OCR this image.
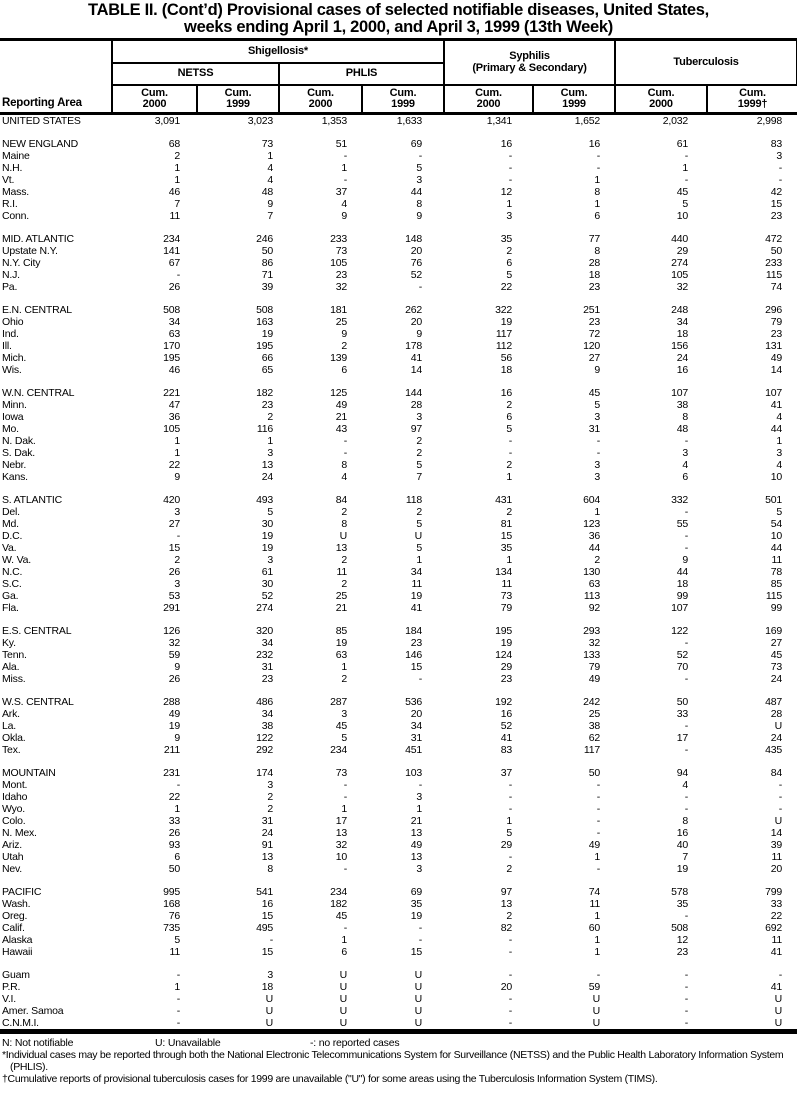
TABLE II. (Cont’d) Provisional cases of selected notifiable diseases, United States,
weeks ending April 1, 2000, and April 3, 1999 (13th Week)
Reporting Area	Shigellosis*				Syphilis
(Primary & Secondary)		Tuberculosis	
	NETSS		PHLIS					
	Cum.
2000	Cum.
1999	Cum.
2000	Cum.
1999	Cum.
2000	Cum.
1999	Cum.
2000	Cum.
1999†
UNITED STATES	3,091	3,023	1,353	1,633	1,341	1,652	2,032	2,998

NEW ENGLAND	68	73	51	69	16	16	61	83
Maine	2	1	-	-	-	-	-	3
N.H.	1	4	1	5	-	-	1	-
Vt.	1	4	-	3	-	1	-	-
Mass.	46	48	37	44	12	8	45	42
R.I.	7	9	4	8	1	1	5	15
Conn.	11	7	9	9	3	6	10	23

MID. ATLANTIC	234	246	233	148	35	77	440	472
Upstate N.Y.	141	50	73	20	2	8	29	50
N.Y. City	67	86	105	76	6	28	274	233
N.J.	-	71	23	52	5	18	105	115
Pa.	26	39	32	-	22	23	32	74

E.N. CENTRAL	508	508	181	262	322	251	248	296
Ohio	34	163	25	20	19	23	34	79
Ind.	63	19	9	9	117	72	18	23
Ill.	170	195	2	178	112	120	156	131
Mich.	195	66	139	41	56	27	24	49
Wis.	46	65	6	14	18	9	16	14

W.N. CENTRAL	221	182	125	144	16	45	107	107
Minn.	47	23	49	28	2	5	38	41
Iowa	36	2	21	3	6	3	8	4
Mo.	105	116	43	97	5	31	48	44
N. Dak.	1	1	-	2	-	-	-	1
S. Dak.	1	3	-	2	-	-	3	3
Nebr.	22	13	8	5	2	3	4	4
Kans.	9	24	4	7	1	3	6	10

S. ATLANTIC	420	493	84	118	431	604	332	501
Del.	3	5	2	2	2	1	-	5
Md.	27	30	8	5	81	123	55	54
D.C.	-	19	U	U	15	36	-	10
Va.	15	19	13	5	35	44	-	44
W. Va.	2	3	2	1	1	2	9	11
N.C.	26	61	11	34	134	130	44	78
S.C.	3	30	2	11	11	63	18	85
Ga.	53	52	25	19	73	113	99	115
Fla.	291	274	21	41	79	92	107	99

E.S. CENTRAL	126	320	85	184	195	293	122	169
Ky.	32	34	19	23	19	32	-	27
Tenn.	59	232	63	146	124	133	52	45
Ala.	9	31	1	15	29	79	70	73
Miss.	26	23	2	-	23	49	-	24

W.S. CENTRAL	288	486	287	536	192	242	50	487
Ark.	49	34	3	20	16	25	33	28
La.	19	38	45	34	52	38	-	U
Okla.	9	122	5	31	41	62	17	24
Tex.	211	292	234	451	83	117	-	435

MOUNTAIN	231	174	73	103	37	50	94	84
Mont.	-	3	-	-	-	-	4	-
Idaho	22	2	-	3	-	-	-	-
Wyo.	1	2	1	1	-	-	-	-
Colo.	33	31	17	21	1	-	8	U
N. Mex.	26	24	13	13	5	-	16	14
Ariz.	93	91	32	49	29	49	40	39
Utah	6	13	10	13	-	1	7	11
Nev.	50	8	-	3	2	-	19	20

PACIFIC	995	541	234	69	97	74	578	799
Wash.	168	16	182	35	13	11	35	33
Oreg.	76	15	45	19	2	1	-	22
Calif.	735	495	-	-	82	60	508	692
Alaska	5	-	1	-	-	1	12	11
Hawaii	11	15	6	15	-	1	23	41

Guam	-	3	U	U	-	-	-	-
P.R.	1	18	U	U	20	59	-	41
V.I.	-	U	U	U	-	U	-	U
Amer. Samoa	-	U	U	U	-	U	-	U
C.N.M.I.	-	U	U	U	-	U	-	U
N: Not notifiable	U: Unavailable	-: no reported cases
*Individual cases may be reported through both the National Electronic Telecommunications System for Surveillance (NETSS) and the Public Health Laboratory Information System (PHLIS).
†Cumulative reports of provisional tuberculosis cases for 1999 are unavailable ("U") for some areas using the Tuberculosis Information System (TIMS).
